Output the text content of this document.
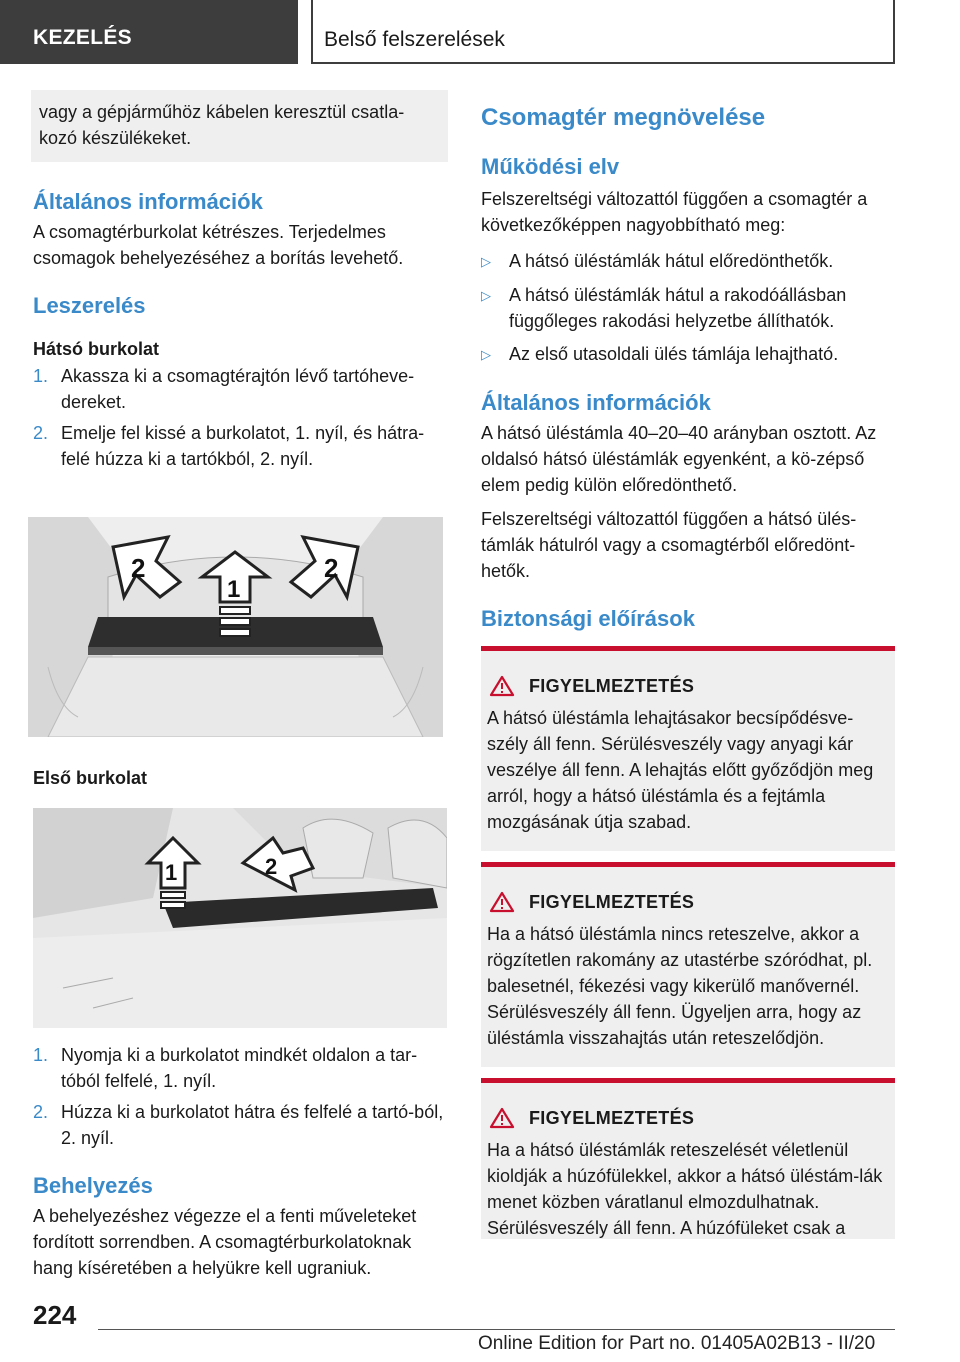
KEZELÉS	Belső felszerelések
vagy a gépjárműhöz kábelen keresztül csatla-kozó készülékeket.
Általános információk

A csomagtérburkolat kétrészes. Terjedelmes csomagok behelyezéséhez a borítás levehető.

Leszerelés
Hátsó burkolat
1. Akassza ki a csomagtérajtón lévő tartóheve-dereket.
2. Emelje fel kissé a burkolatot, 1. nyíl, és hátra-felé húzza ki a tartókból, 2. nyíl.
2
1
2
Első burkolat
1	2
1. Nyomja ki a burkolatot mindkét oldalon a tar-tóból felfelé, 1. nyíl.
2. Húzza ki a burkolatot hátra és felfelé a tartó-ból, 2. nyíl.
Behelyezés

A behelyezéshez végezze el a fenti műveleteket fordított sorrendben. A csomagtérburkolatoknak hang kíséretében a helyükre kell ugraniuk.

Csomagtér megnövelése
Működési elv

Felszereltségi változattól függően a csomagtér a következőképpen nagyobbítható meg:

▷	A hátsó üléstámlák hátul előredönthetők.
▷	A hátsó üléstámlák hátul a rakodóállásban függőleges rakodási helyzetbe állíthatók.
▷	Az első utasoldali ülés támlája lehajtható.
Általános információk

A hátsó üléstámla 40–20–40 arányban osztott. Az oldalsó hátsó üléstámlák egyenként, a kö-zépső elem pedig külön előredönthető.

Felszereltségi változattól függően a hátsó ülés-támlák hátulról vagy a csomagtérből előredönt-hetők.

Biztonsági előírások
FIGYELMEZTETÉS

A hátsó üléstámla lehajtásakor becsípődésve-szély áll fenn. Sérülésveszély vagy anyagi kár veszélye áll fenn. A lehajtás előtt győződjön meg arról, hogy a hátsó üléstámla és a fejtámla mozgásának útja szabad.

FIGYELMEZTETÉS

Ha a hátsó üléstámla nincs reteszelve, akkor a rögzítetlen rakomány az utastérbe szóródhat, pl. balesetnél, fékezési vagy kikerülő manővernél. Sérülésveszély áll fenn. Ügyeljen arra, hogy az üléstámla visszahajtás után reteszelődjön.

FIGYELMEZTETÉS

Ha a hátsó üléstámlák reteszelését véletlenül kioldják a húzófülekkel, akkor a hátsó üléstám-lák menet közben váratlanul elmozdulhatnak. Sérülésveszély áll fenn. A húzófüleket csak a

224
Online Edition for Part no. 01405A02B13 - II/20
